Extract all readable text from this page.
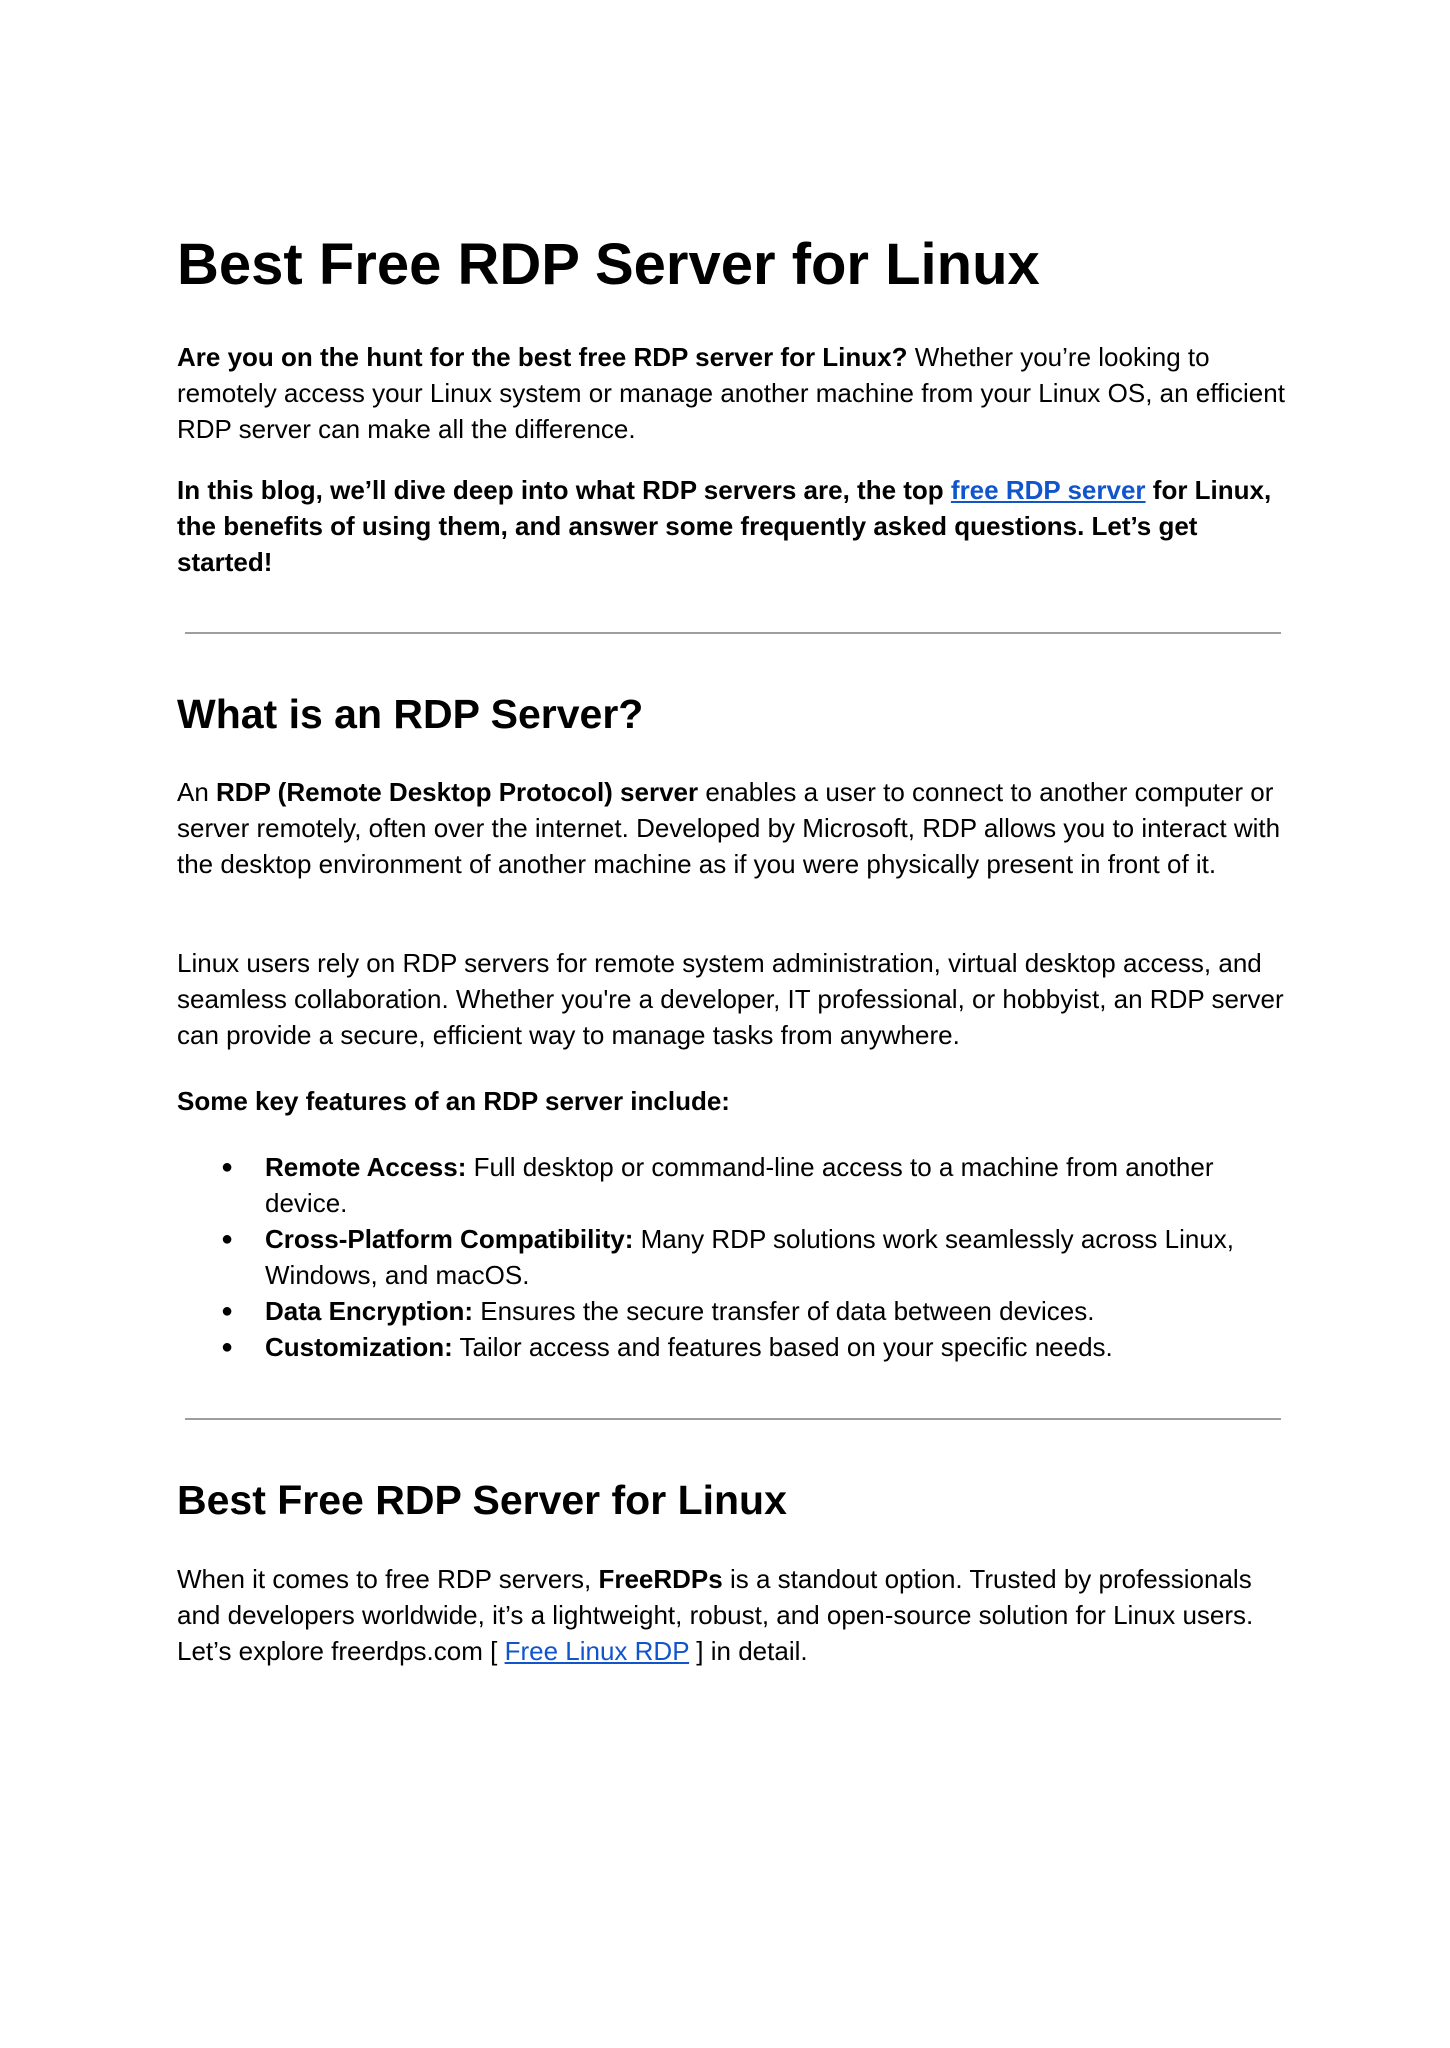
Best Free RDP Server for Linux

Are you on the hunt for the best free RDP server for Linux? Whether you’re looking to remotely access your Linux system or manage another machine from your Linux OS, an efficient RDP server can make all the difference.

In this blog, we’ll dive deep into what RDP servers are, the top free RDP server for Linux, the benefits of using them, and answer some frequently asked questions. Let’s get started!

What is an RDP Server?

An RDP (Remote Desktop Protocol) server enables a user to connect to another computer or server remotely, often over the internet. Developed by Microsoft, RDP allows you to interact with the desktop environment of another machine as if you were physically present in front of it.

Linux users rely on RDP servers for remote system administration, virtual desktop access, and seamless collaboration. Whether you're a developer, IT professional, or hobbyist, an RDP server can provide a secure, efficient way to manage tasks from anywhere.

Some key features of an RDP server include:

● Remote Access: Full desktop or command-line access to a machine from another device.
● Cross-Platform Compatibility: Many RDP solutions work seamlessly across Linux, Windows, and macOS.
● Data Encryption: Ensures the secure transfer of data between devices.
● Customization: Tailor access and features based on your specific needs.
Best Free RDP Server for Linux

When it comes to free RDP servers, FreeRDPs is a standout option. Trusted by professionals and developers worldwide, it’s a lightweight, robust, and open-source solution for Linux users. Let’s explore freerdps.com [ Free Linux RDP ] in detail.
